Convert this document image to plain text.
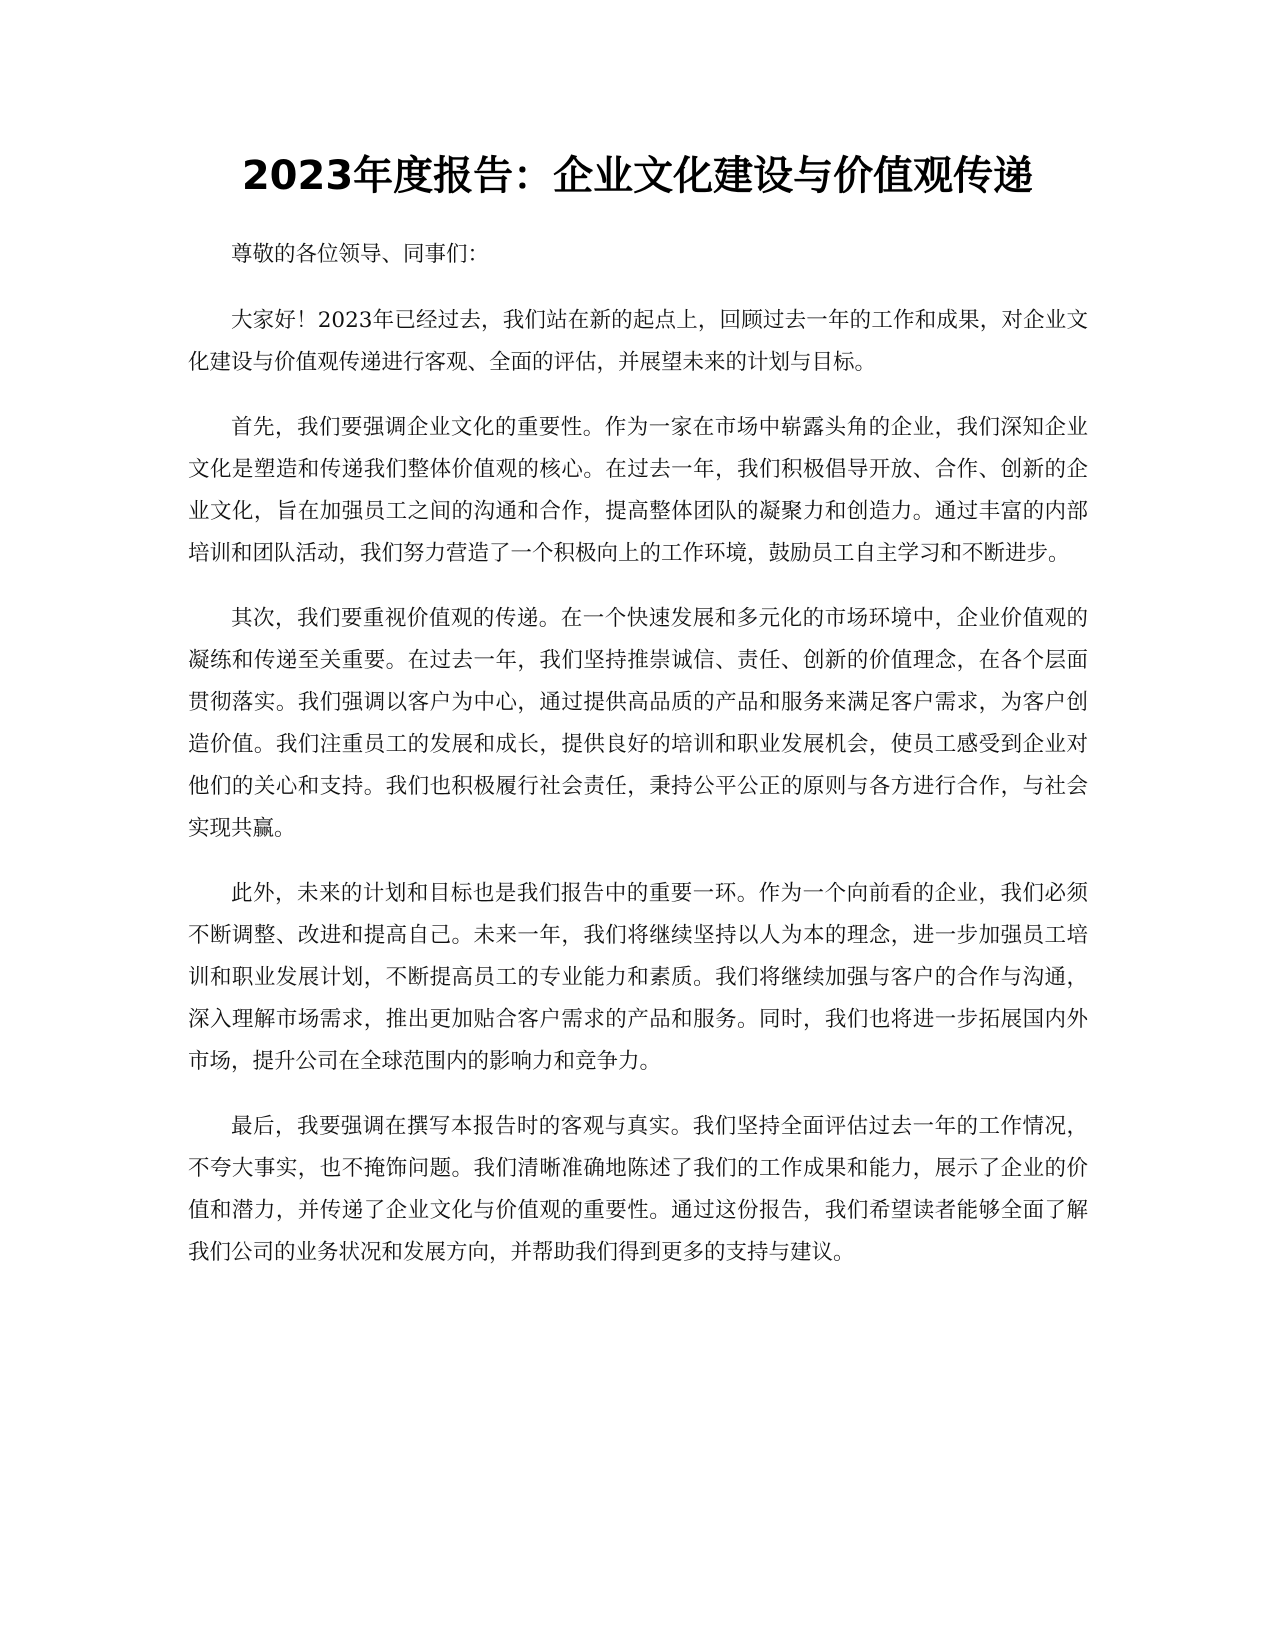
2023年度报告：企业文化建设与价值观传递

尊敬的各位领导、同事们：

大家好！2023年已经过去，我们站在新的起点上，回顾过去一年的工作和成果，对企业文化建设与价值观传递进行客观、全面的评估，并展望未来的计划与目标。

首先，我们要强调企业文化的重要性。作为一家在市场中崭露头角的企业，我们深知企业文化是塑造和传递我们整体价值观的核心。在过去一年，我们积极倡导开放、合作、创新的企业文化，旨在加强员工之间的沟通和合作，提高整体团队的凝聚力和创造力。通过丰富的内部培训和团队活动，我们努力营造了一个积极向上的工作环境，鼓励员工自主学习和不断进步。

其次，我们要重视价值观的传递。在一个快速发展和多元化的市场环境中，企业价值观的凝练和传递至关重要。在过去一年，我们坚持推崇诚信、责任、创新的价值理念，在各个层面贯彻落实。我们强调以客户为中心，通过提供高品质的产品和服务来满足客户需求，为客户创造价值。我们注重员工的发展和成长，提供良好的培训和职业发展机会，使员工感受到企业对他们的关心和支持。我们也积极履行社会责任，秉持公平公正的原则与各方进行合作，与社会实现共赢。

此外，未来的计划和目标也是我们报告中的重要一环。作为一个向前看的企业，我们必须不断调整、改进和提高自己。未来一年，我们将继续坚持以人为本的理念，进一步加强员工培训和职业发展计划，不断提高员工的专业能力和素质。我们将继续加强与客户的合作与沟通，深入理解市场需求，推出更加贴合客户需求的产品和服务。同时，我们也将进一步拓展国内外市场，提升公司在全球范围内的影响力和竞争力。

最后，我要强调在撰写本报告时的客观与真实。我们坚持全面评估过去一年的工作情况，不夸大事实，也不掩饰问题。我们清晰准确地陈述了我们的工作成果和能力，展示了企业的价值和潜力，并传递了企业文化与价值观的重要性。通过这份报告，我们希望读者能够全面了解我们公司的业务状况和发展方向，并帮助我们得到更多的支持与建议。
